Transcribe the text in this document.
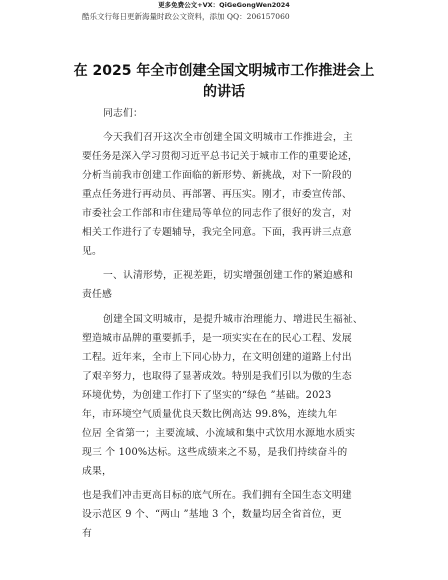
更多免费公文+VX：QiGeGongWen2024
酷乐文行每日更新海量时政公文资料，添加 QQ：206157060
在 2025 年全市创建全国文明城市工作推进会上
的讲话
同志们：
今天我们召开这次全市创建全国文明城市工作推进会，主
要任务是深入学习贯彻习近平总书记关于城市工作的重要论述，
分析当前我市创建工作面临的新形势、新挑战，对下一阶段的
重点任务进行再动员、再部署、再压实。刚才，市委宣传部、
市委社会工作部和市住建局等单位的同志作了很好的发言，对
相关工作进行了专题辅导，我完全同意。下面，我再讲三点意
见。
一、认清形势，正视差距，切实增强创建工作的紧迫感和
责任感
创建全国文明城市，是提升城市治理能力、增进民生福祉、
塑造城市品牌的重要抓手，是一项实实在在的民心工程、发展
工程。近年来，全市上下同心协力，在文明创建的道路上付出
了艰辛努力，也取得了显著成效。特别是我们引以为傲的生态
环境优势，为创建工作打下了坚实的“绿色 ”基础。2023
年，市环境空气质量优良天数比例高达 99.8%，连续九年
位居 全省第一；主要流域、小流域和集中式饮用水源地水质实
现三 个 100%达标。这些成绩来之不易，是我们持续奋斗的
成果，
也是我们冲击更高目标的底气所在。我们拥有全国生态文明建
设示范区 9 个、“两山 ”基地 3 个，数量均居全省首位，更
有
